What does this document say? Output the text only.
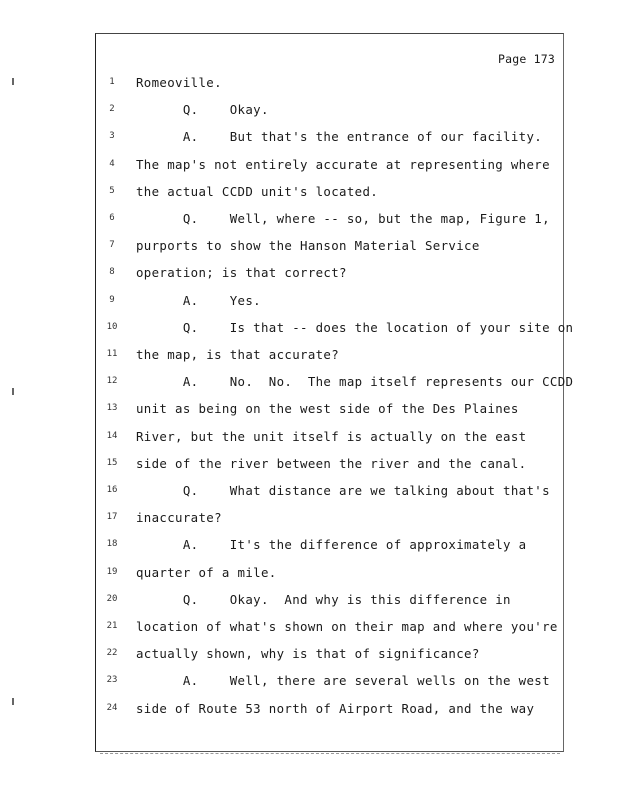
Page 173
1	Romeoville.
2	Q.    Okay.
3	A.    But that's the entrance of our facility.
4	The map's not entirely accurate at representing where
5	the actual CCDD unit's located.
6	Q.    Well, where -- so, but the map, Figure 1,
7	purports to show the Hanson Material Service
8	operation; is that correct?
9	A.    Yes.
10 Q.    Is that -- does the location of your site on
11 the map, is that accurate?
12 A.    No.  No.  The map itself represents our CCDD
13 unit as being on the west side of the Des Plaines
14 River, but the unit itself is actually on the east
15 side of the river between the river and the canal.
16 Q.    What distance are we talking about that's
17 inaccurate?
18 A.    It's the difference of approximately a
19 quarter of a mile.
20 Q.    Okay.  And why is this difference in
21 location of what's shown on their map and where you're
22 actually shown, why is that of significance?
23 A.    Well, there are several wells on the west
24 side of Route 53 north of Airport Road, and the way
